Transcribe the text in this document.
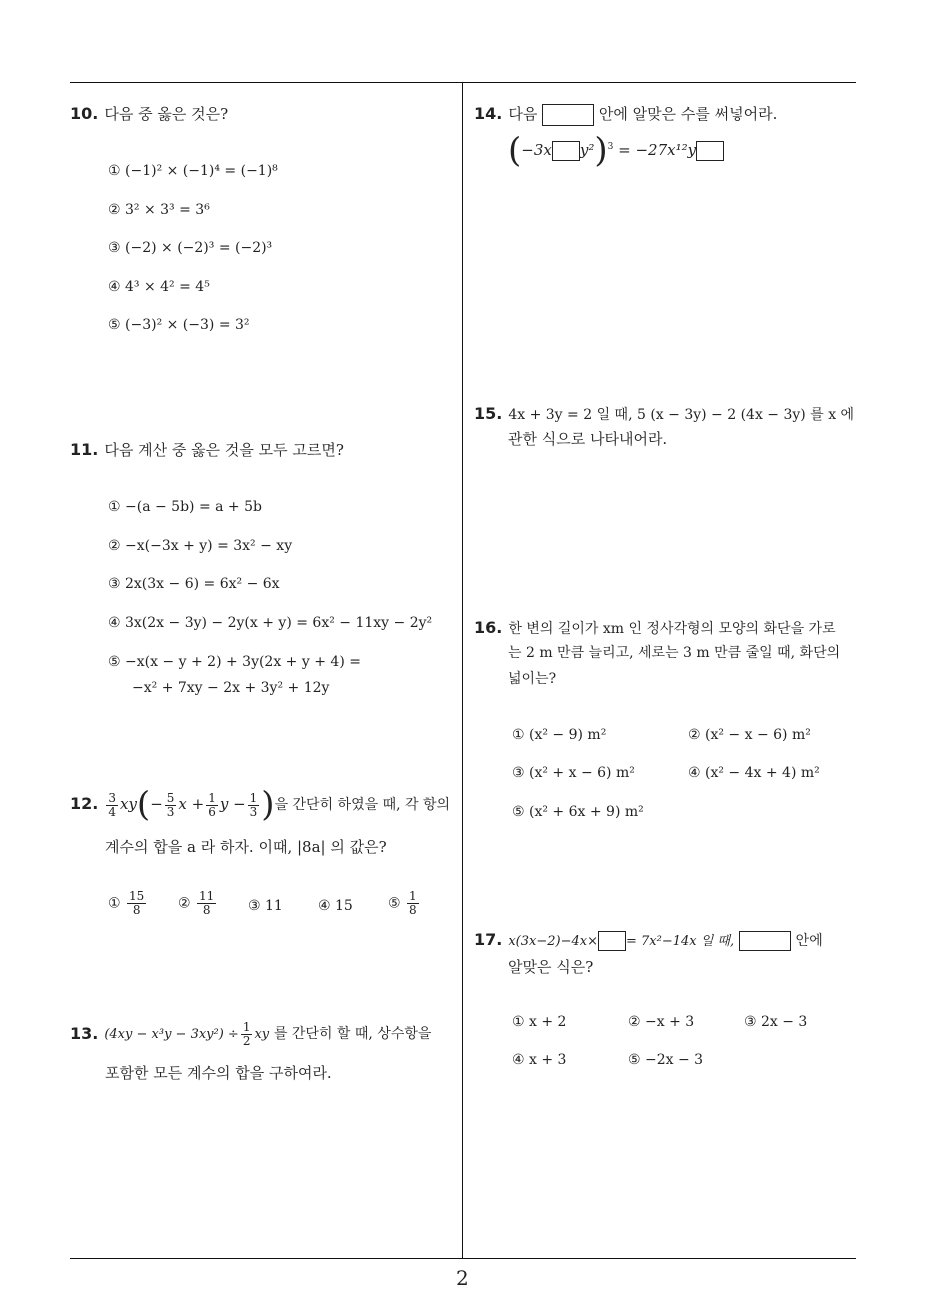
10. 다음 중 옳은 것은?
① (−1)² × (−1)⁴ = (−1)⁸
② 3² × 3³ = 3⁶
③ (−2) × (−2)³ = (−2)³
④ 4³ × 4² = 4⁵
⑤ (−3)² × (−3) = 3²
11. 다음 계산 중 옳은 것을 모두 고르면?
① −(a − 5b) = a + 5b
② −x(−3x + y) = 3x² − xy
③ 2x(3x − 6) = 6x² − 6x
④ 3x(2x − 3y) − 2y(x + y) = 6x² − 11xy − 2y²
⑤ −x(x − y + 2) + 3y(2x + y + 4) =
−x² + 7xy − 2x + 3y² + 12y
12. $\frac{3}{4} xy(- \frac{5}{3}$ $x + \frac{1}{6}$ $y - \frac{1}{3}$ )을 간단히 하였을 때, 각 항의
계수의 합을 a 라 하자. 이때, |8a| 의 값은?
① $\frac{15}{8}$ ② $\frac{11}{8}$ ③ 11	④ 15	⑤ $\frac{1}{8}$
13. $(4xy - x^3y - 3xy^2) \div \frac{1}{2}$ xy 를 간단히 할 때, 상수항을
포함한 모든 계수의 합을 구하여라.
14. 다음	안에 알맞은 수를 써넣어라.
(−3x y²)$^3$ = −27x¹²y
15. 4x + 3y = 2 일 때, 5 (x − 3y) − 2 (4x − 3y) 를 x 에
관한 식으로 나타내어라.
16. 한 변의 길이가 xm 인 정사각형의 모양의 화단을 가로
는 2 m 만큼 늘리고, 세로는 3 m 만큼 줄일 때, 화단의
넓이는?
① (x² − 9) m²	② (x² − x − 6) m²
③ (x² + x − 6) m²	④ (x² − 4x + 4) m²
⑤ (x² + 6x + 9) m²
17. x(3x−2)−4x× = 7x²−14x 일 때,	안에
알맞은 식은?
① x + 2	② −x + 3	③ 2x − 3
④ x + 3	⑤ −2x − 3
2
